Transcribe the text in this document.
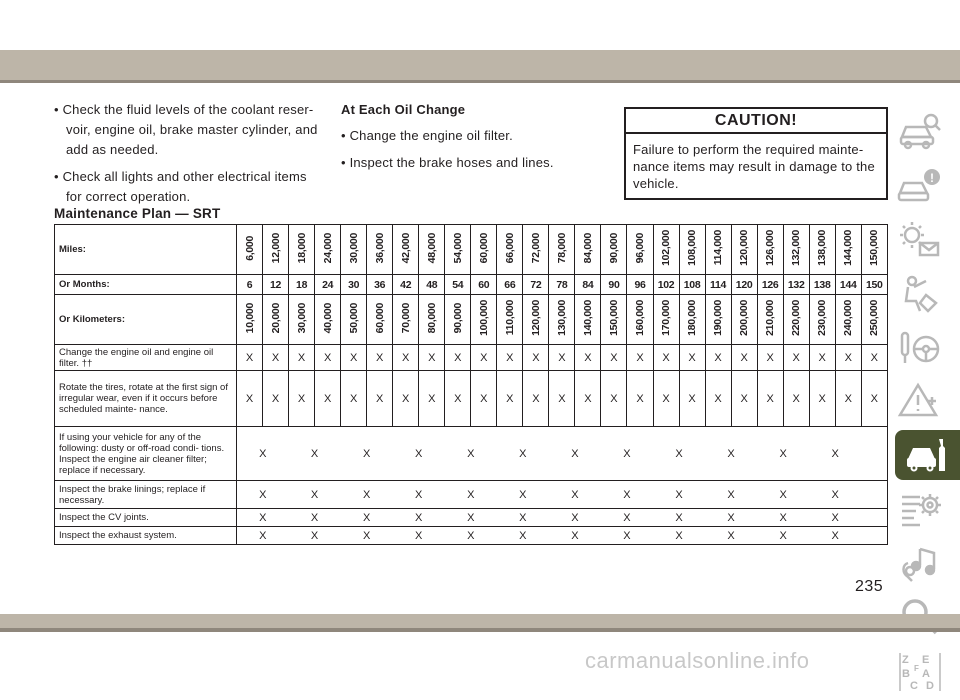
• Check the fluid levels of the coolant reser- voir, engine oil, brake master cylinder, and add as needed.

• Check all lights and other electrical items for correct operation.

At Each Oil Change

• Change the engine oil filter.

• Inspect the brake hoses and lines.

CAUTION!
Failure to perform the required mainte- nance items may result in damage to the vehicle.
Maintenance Plan — SRT
Miles:	6,000	12,000	18,000	24,000	30,000	36,000	42,000	48,000	54,000	60,000	66,000	72,000	78,000	84,000	90,000	96,000	102,000	108,000	114,000	120,000	126,000	132,000	138,000	144,000	150,000
Or Months:	6	12	18	24	30	36	42	48	54	60	66	72	78	84	90	96	102	108	114	120	126	132	138	144	150
Or Kilometers:	10,000	20,000	30,000	40,000	50,000	60,000	70,000	80,000	90,000	100,000	110,000	120,000	130,000	140,000	150,000	160,000	170,000	180,000	190,000	200,000	210,000	220,000	230,000	240,000	250,000
Change the engine oil and engine oil filter. ††	X	X	X	X	X	X	X	X	X	X	X	X	X	X	X	X	X	X	X	X	X	X	X	X	X
Rotate the tires, rotate at the first sign of irregular wear, even if it occurs before scheduled mainte- nance.	X	X	X	X	X	X	X	X	X	X	X	X	X	X	X	X	X	X	X	X	X	X	X	X	X
If using your vehicle for any of the following: dusty or off-road condi- tions. Inspect the engine air cleaner filter; replace if necessary.	X		X		X		X		X		X		X		X		X		X		X		X		
Inspect the brake linings; replace if necessary.	X		X		X		X		X		X		X		X		X		X		X		X		
Inspect the CV joints.	X		X		X		X		X		X		X		X		X		X		X		X		
Inspect the exhaust system.	X		X		X		X		X		X		X		X		X		X		X		X		
!
Z E
B A
C D
F
235
carmanualsonline.info
